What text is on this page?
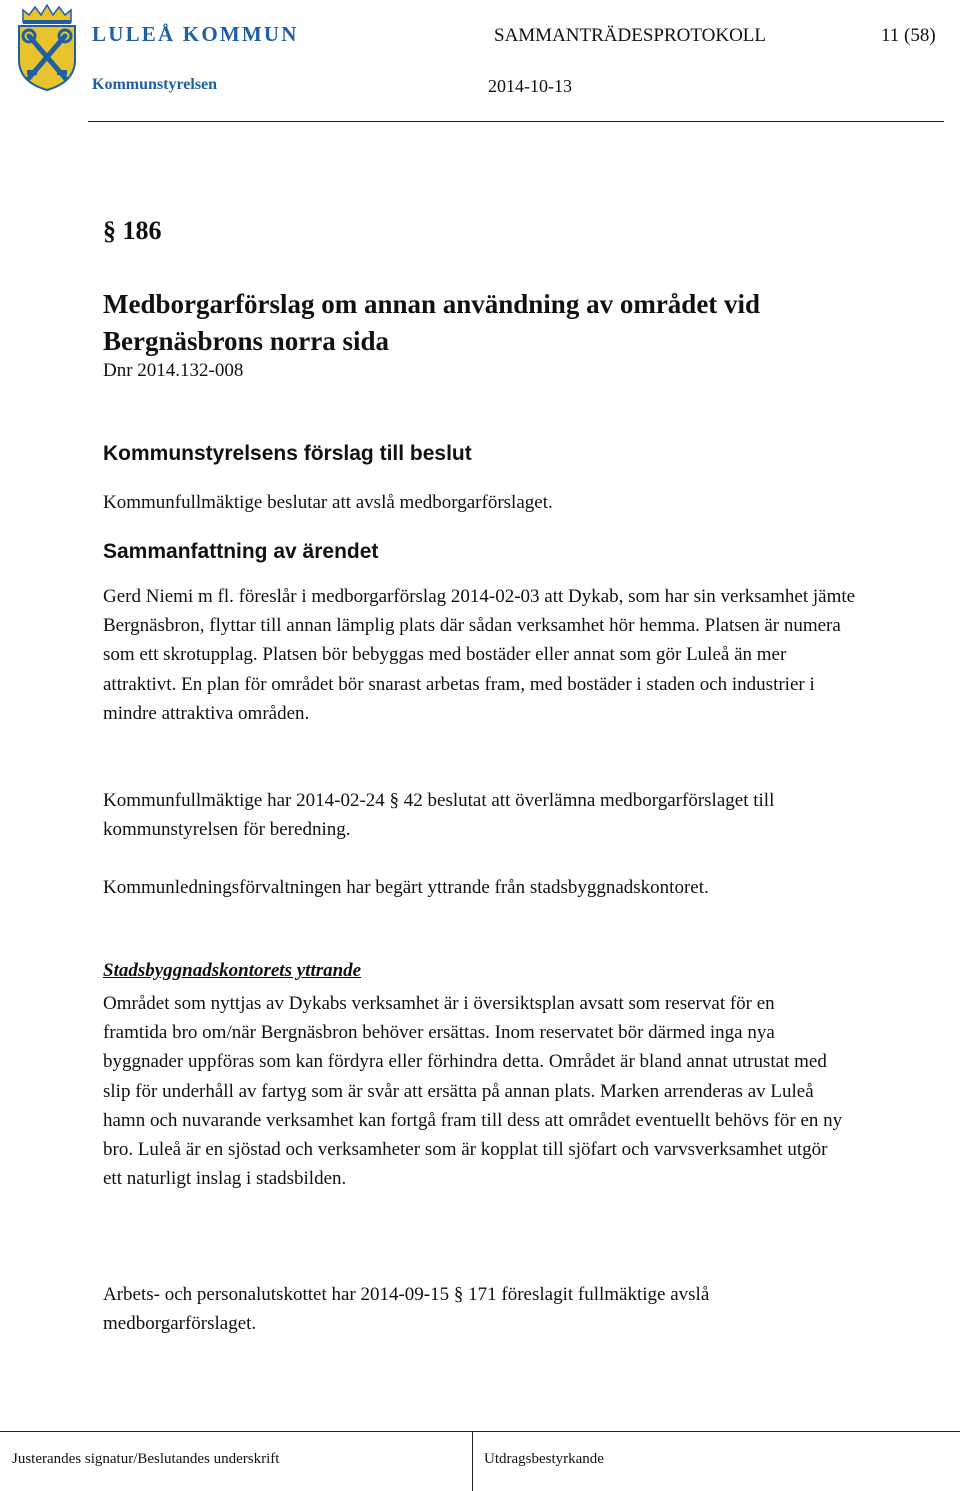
LULEÅ KOMMUN
Kommunstyrelsen
SAMMANTRÄDESPROTOKOLL	11 (58)
2014-10-13
§ 186
Medborgarförslag om annan användning av området vid Bergnäsbrons norra sida
Dnr 2014.132-008
Kommunstyrelsens förslag till beslut
Kommunfullmäktige beslutar att avslå medborgarförslaget.
Sammanfattning av ärendet
Gerd Niemi m fl. föreslår i medborgarförslag 2014-02-03 att Dykab, som har sin verksamhet jämte Bergnäsbron, flyttar till annan lämplig plats där sådan verksamhet hör hemma. Platsen är numera som ett skrotupplag. Platsen bör bebyggas med bostäder eller annat som gör Luleå än mer attraktivt. En plan för området bör snarast arbetas fram, med bostäder i staden och industrier i mindre attraktiva områden.
Kommunfullmäktige har 2014-02-24 § 42 beslutat att överlämna medborgarförslaget till kommunstyrelsen för beredning.
Kommunledningsförvaltningen har begärt yttrande från stadsbyggnadskontoret.
Stadsbyggnadskontorets yttrande
Området som nyttjas av Dykabs verksamhet är i översiktsplan avsatt som reservat för en framtida bro om/när Bergnäsbron behöver ersättas. Inom reservatet bör därmed inga nya byggnader uppföras som kan fördyra eller förhindra detta. Området är bland annat utrustat med slip för underhåll av fartyg som är svår att ersätta på annan plats. Marken arrenderas av Luleå hamn och nuvarande verksamhet kan fortgå fram till dess att området eventuellt behövs för en ny bro. Luleå är en sjöstad och verksamheter som är kopplat till sjöfart och varvsverksamhet utgör ett naturligt inslag i stadsbilden.
Arbets- och personalutskottet har 2014-09-15 § 171 föreslagit fullmäktige avslå medborgarförslaget.
Justerandes signatur/Beslutandes underskrift	Utdragsbestyrkande
